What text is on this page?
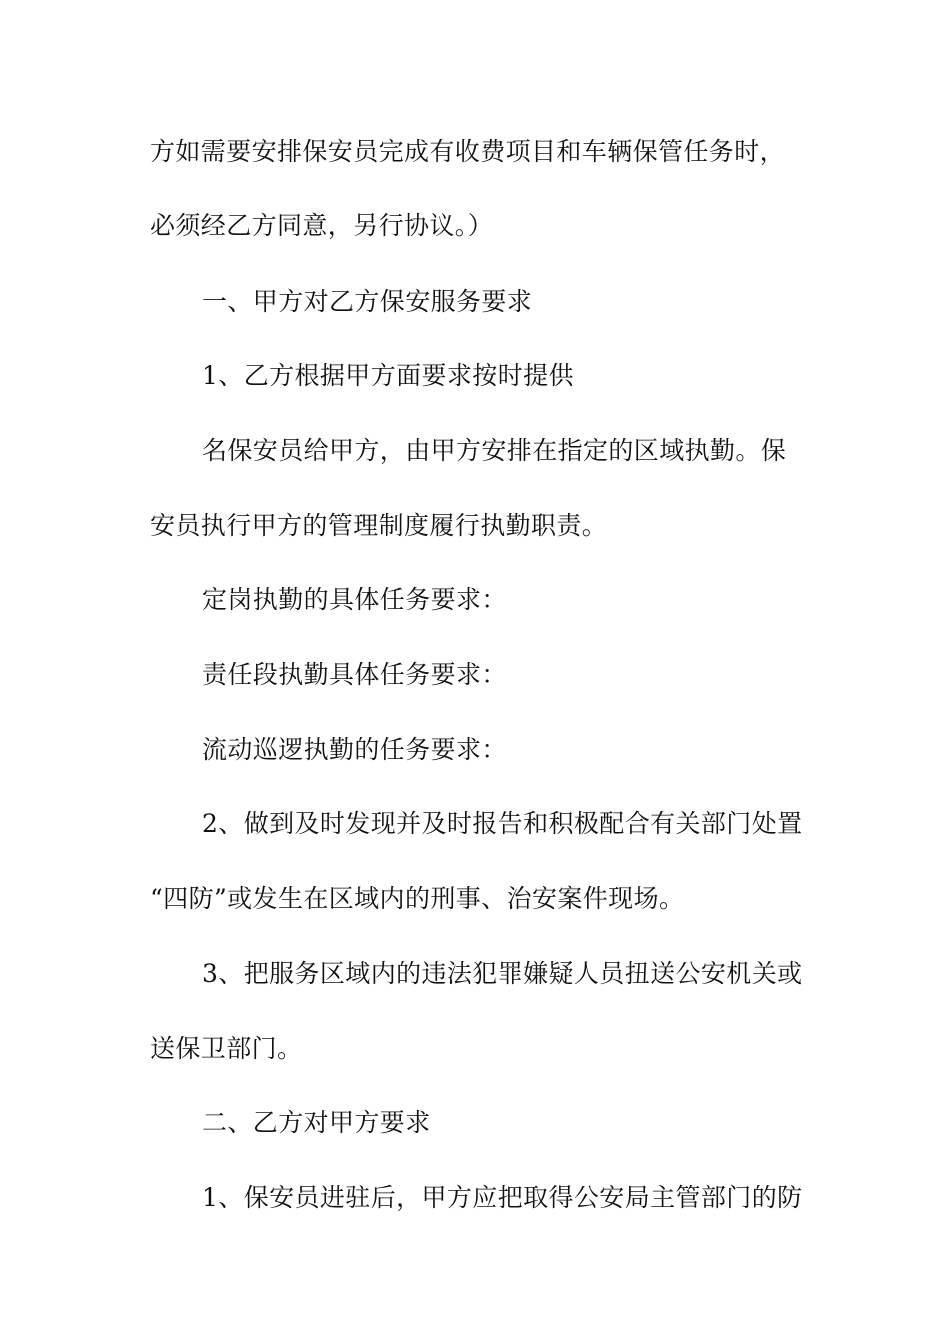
方如需要安排保安员完成有收费项目和车辆保管任务时，

必须经乙方同意，另行协议。）

一、甲方对乙方保安服务要求

1、乙方根据甲方面要求按时提供

名保安员给甲方，由甲方安排在指定的区域执勤。保

安员执行甲方的管理制度履行执勤职责。

定岗执勤的具体任务要求：

责任段执勤具体任务要求：

流动巡逻执勤的任务要求：

2、做到及时发现并及时报告和积极配合有关部门处置

“四防”或发生在区域内的刑事、治安案件现场。

3、把服务区域内的违法犯罪嫌疑人员扭送公安机关或

送保卫部门。

二、乙方对甲方要求

1、保安员进驻后，甲方应把取得公安局主管部门的防
